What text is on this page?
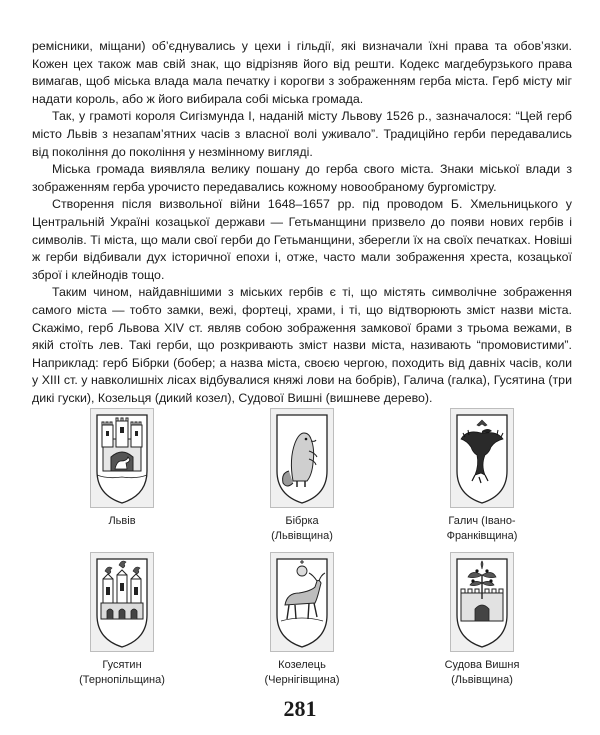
ремісники, міщани) об’єднувались у цехи і гільдії, які визначали їхні права та обов’язки. Кожен цех також мав свій знак, що відрізняв його від решти. Кодекс магдебурзького права вимагав, щоб міська влада мала печатку і корогви з зображенням герба міста. Герб місту міг надати король, або ж його вибирала собі міська громада.

Так, у грамоті короля Сигізмунда І, наданій місту Львову 1526 р., зазначалося: “Цей герб місто Львів з незапам’ятних часів з власної волі уживало”. Традиційно герби передавались від покоління до покоління у незмінному вигляді.

Міська громада виявляла велику пошану до герба свого міста. Знаки міської влади з зображенням герба урочисто передавались кожному новообраному бургомістру.

Створення після визвольної війни 1648–1657 рр. під проводом Б. Хмельницького у Центральній Україні козацької держави — Гетьманщини призвело до появи нових гербів і символів. Ті міста, що мали свої герби до Гетьманщини, зберегли їх на своїх печатках. Новіші ж герби відбивали дух історичної епохи і, отже, часто мали зображення хреста, козацької зброї і клейнодів тощо.

Таким чином, найдавнішими з міських гербів є ті, що містять символічне зображення самого міста — тобто замки, вежі, фортеці, храми, і ті, що відтворюють зміст назви міста. Скажімо, герб Львова XIV ст. являв собою зображення замкової брами з трьома вежами, в якій стоїть лев. Такі герби, що розкривають зміст назви міста, називають “промовистими”. Наприклад: герб Бібрки (бобер; а назва міста, своєю чергою, походить від давніх часів, коли у XIII ст. у навколишніх лісах відбувалися княжі лови на бобрів), Галича (галка), Гусятина (три дикі гуски), Козельця (дикий козел), Судової Вишні (вишневе дерево).

Львів	Бібрка
(Львівщина)
Галич (Івано-
Франківщина)
Гусятин
(Тернопільщина)
Козелець
(Чернігівщина)
Судова Вишня
(Львівщина)
281
